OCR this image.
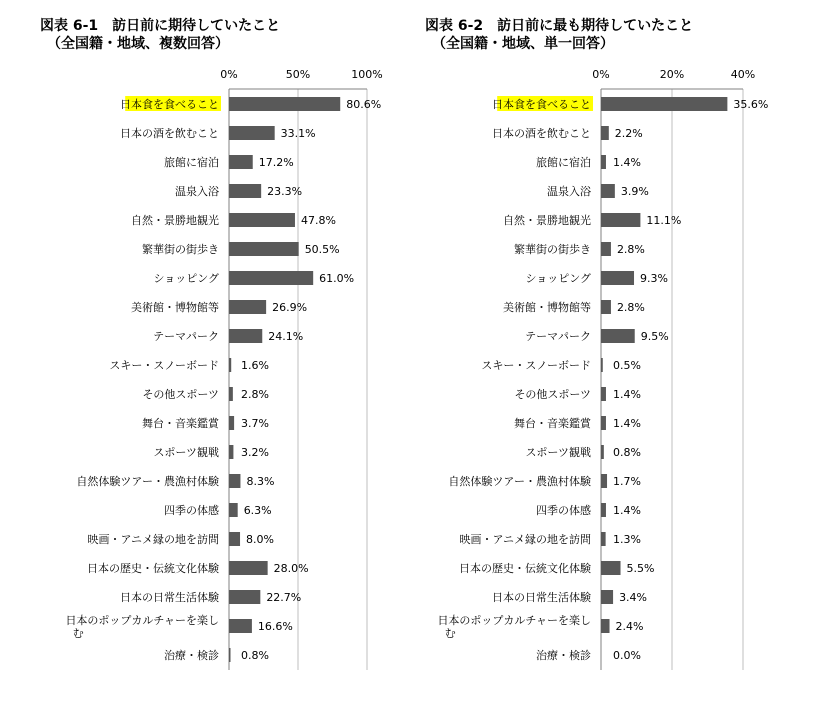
図表 6-1　訪日前に期待していたこと
　（全国籍・地域、複数回答）
図表 6-2　訪日前に最も期待していたこと
　（全国籍・地域、単一回答）
0%	50%	100%
日本食を食べること	80.6%
日本の酒を飲むこと	33.1%
旅館に宿泊	17.2%
温泉入浴	23.3%
自然・景勝地観光	47.8%
繁華街の街歩き	50.5%
ショッピング	61.0%
美術館・博物館等	26.9%
テーマパーク	24.1%
スキー・スノーボード 1.6%
その他スポーツ 2.8%
舞台・音楽鑑賞 3.7%
スポーツ観戦 3.2%
自然体験ツアー・農漁村体験 8.3%
四季の体感 6.3%
映画・アニメ縁の地を訪問 8.0%
日本の歴史・伝統文化体験	28.0%
日本の日常生活体験	22.7%
日本のポップカルチャーを楽し
む
16.6%
治療・検診 0.8%
0%	20%	40%
日本食を食べること	35.6%
日本の酒を飲むこと 2.2%
旅館に宿泊 1.4%
温泉入浴	3.9%
自然・景勝地観光	11.1%
繁華街の街歩き 2.8%
ショッピング	9.3%
美術館・博物館等 2.8%
テーマパーク	9.5%
スキー・スノーボード 0.5%
その他スポーツ 1.4%
舞台・音楽鑑賞 1.4%
スポーツ観戦 0.8%
自然体験ツアー・農漁村体験 1.7%
四季の体感 1.4%
映画・アニメ縁の地を訪問 1.3%
日本の歴史・伝統文化体験	5.5%
日本の日常生活体験	3.4%
日本のポップカルチャーを楽し
む
2.4%
治療・検診 0.0%
